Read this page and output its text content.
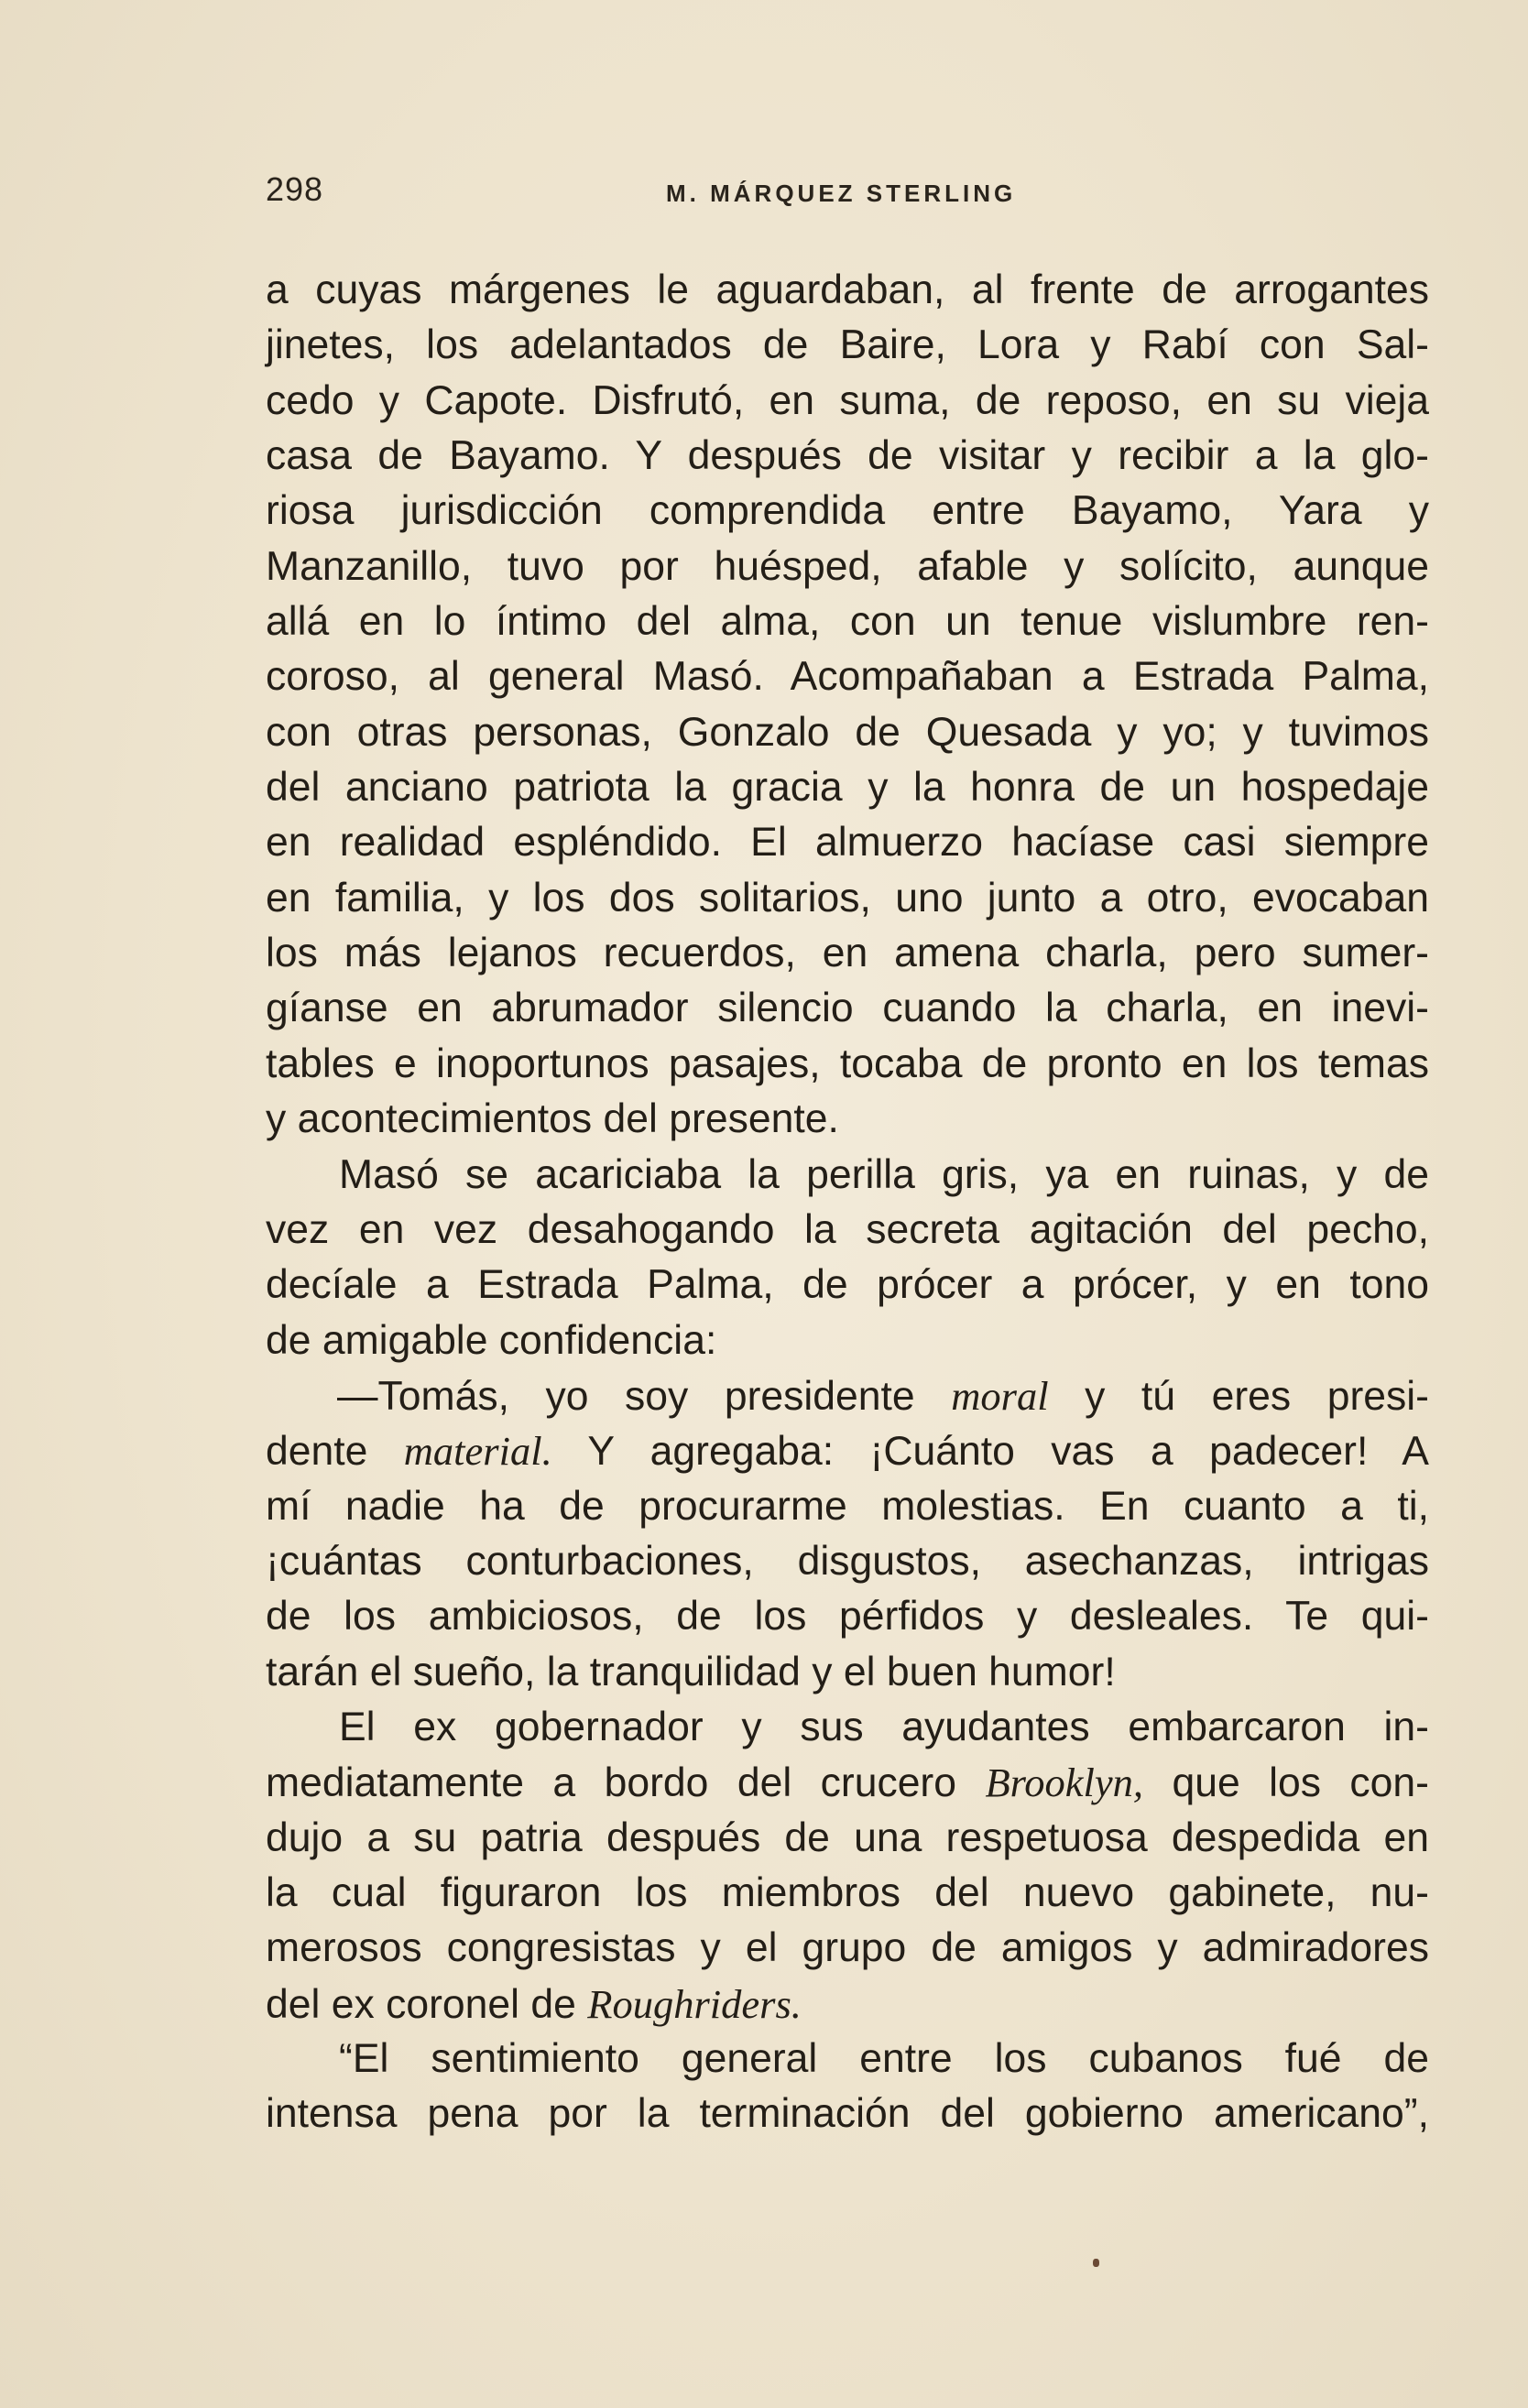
298	M. MÁRQUEZ STERLING
a cuyas márgenes le aguardaban, al frente de arrogantes
jinetes, los adelantados de Baire, Lora y Rabí con Sal-
cedo y Capote. Disfrutó, en suma, de reposo, en su vieja
casa de Bayamo. Y después de visitar y recibir a la glo-
riosa jurisdicción comprendida entre Bayamo, Yara y
Manzanillo, tuvo por huésped, afable y solícito, aunque
allá en lo íntimo del alma, con un tenue vislumbre ren-
coroso, al general Masó. Acompañaban a Estrada Palma,
con otras personas, Gonzalo de Quesada y yo; y tuvimos
del anciano patriota la gracia y la honra de un hospedaje
en realidad espléndido. El almuerzo hacíase casi siempre
en familia, y los dos solitarios, uno junto a otro, evocaban
los más lejanos recuerdos, en amena charla, pero sumer-
gíanse en abrumador silencio cuando la charla, en inevi-
tables e inoportunos pasajes, tocaba de pronto en los temas
y acontecimientos del presente.
Masó se acariciaba la perilla gris, ya en ruinas, y de
vez en vez desahogando la secreta agitación del pecho,
decíale a Estrada Palma, de prócer a prócer, y en tono
de amigable confidencia:
—Tomás, yo soy presidente moral y tú eres presi-
dente material. Y agregaba: ¡Cuánto vas a padecer! A
mí nadie ha de procurarme molestias. En cuanto a ti,
¡cuántas conturbaciones, disgustos, asechanzas, intrigas
de los ambiciosos, de los pérfidos y desleales. Te qui-
tarán el sueño, la tranquilidad y el buen humor!
El ex gobernador y sus ayudantes embarcaron in-
mediatamente a bordo del crucero Brooklyn, que los con-
dujo a su patria después de una respetuosa despedida en
la cual figuraron los miembros del nuevo gabinete, nu-
merosos congresistas y el grupo de amigos y admiradores
del ex coronel de Roughriders.
“El sentimiento general entre los cubanos fué de
intensa pena por la terminación del gobierno americano”,
